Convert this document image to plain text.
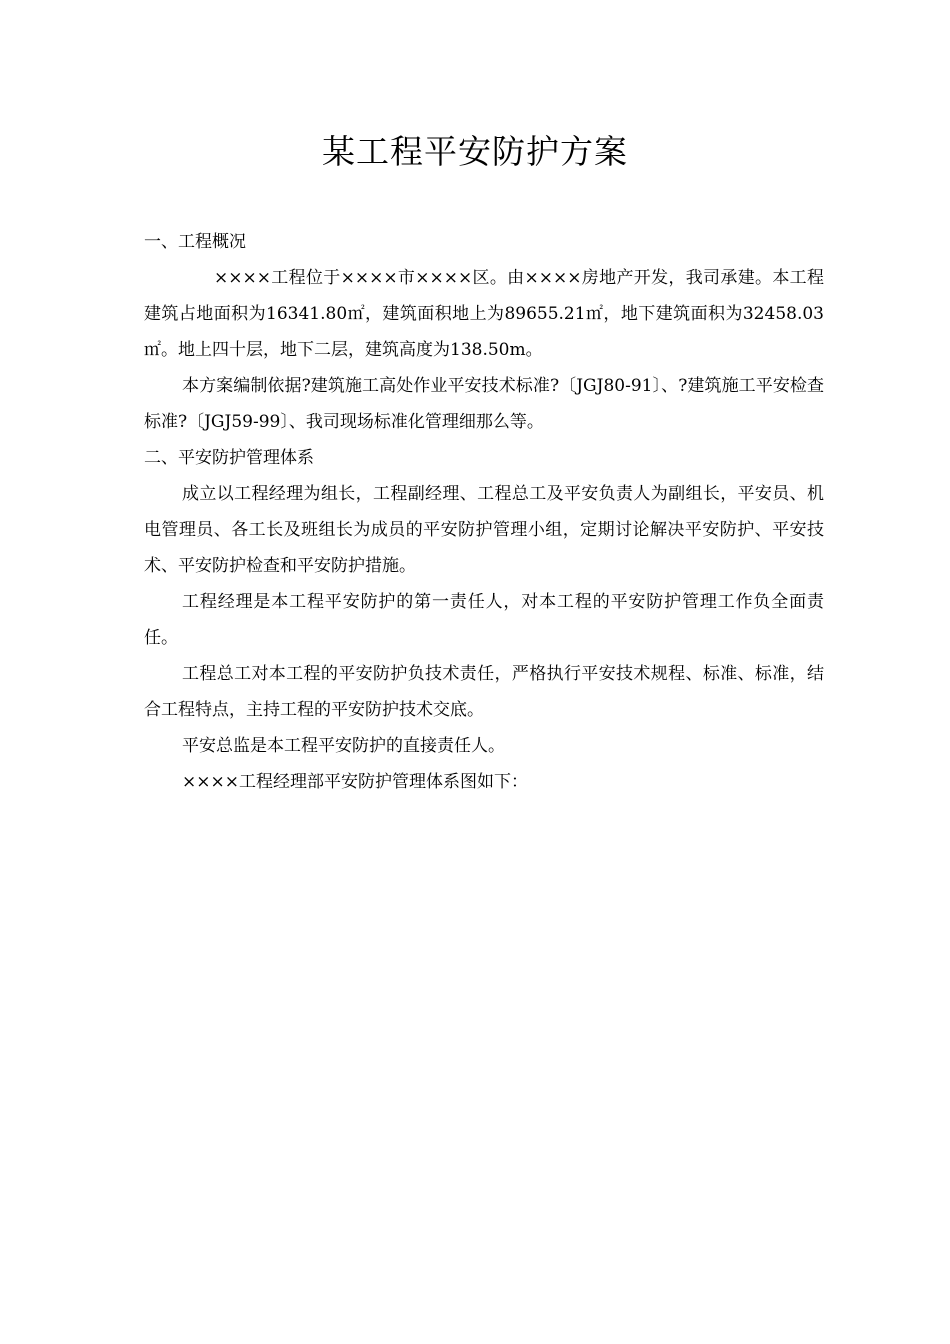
某工程平安防护方案

一、工程概况

××××工程位于××××市××××区。由××××房地产开发，我司承建。本工程建筑占地面积为16341.80㎡，建筑面积地上为89655.21㎡，地下建筑面积为32458.03㎡。地上四十层，地下二层，建筑高度为138.50m。

本方案编制依据?建筑施工高处作业平安技术标准?〔JGJ80-91〕、?建筑施工平安检查标准?〔JGJ59-99〕、我司现场标准化管理细那么等。

二、平安防护管理体系

成立以工程经理为组长，工程副经理、工程总工及平安负责人为副组长，平安员、机电管理员、各工长及班组长为成员的平安防护管理小组，定期讨论解决平安防护、平安技术、平安防护检查和平安防护措施。

工程经理是本工程平安防护的第一责任人，对本工程的平安防护管理工作负全面责任。

工程总工对本工程的平安防护负技术责任，严格执行平安技术规程、标准、标准，结合工程特点，主持工程的平安防护技术交底。

平安总监是本工程平安防护的直接责任人。

××××工程经理部平安防护管理体系图如下：
